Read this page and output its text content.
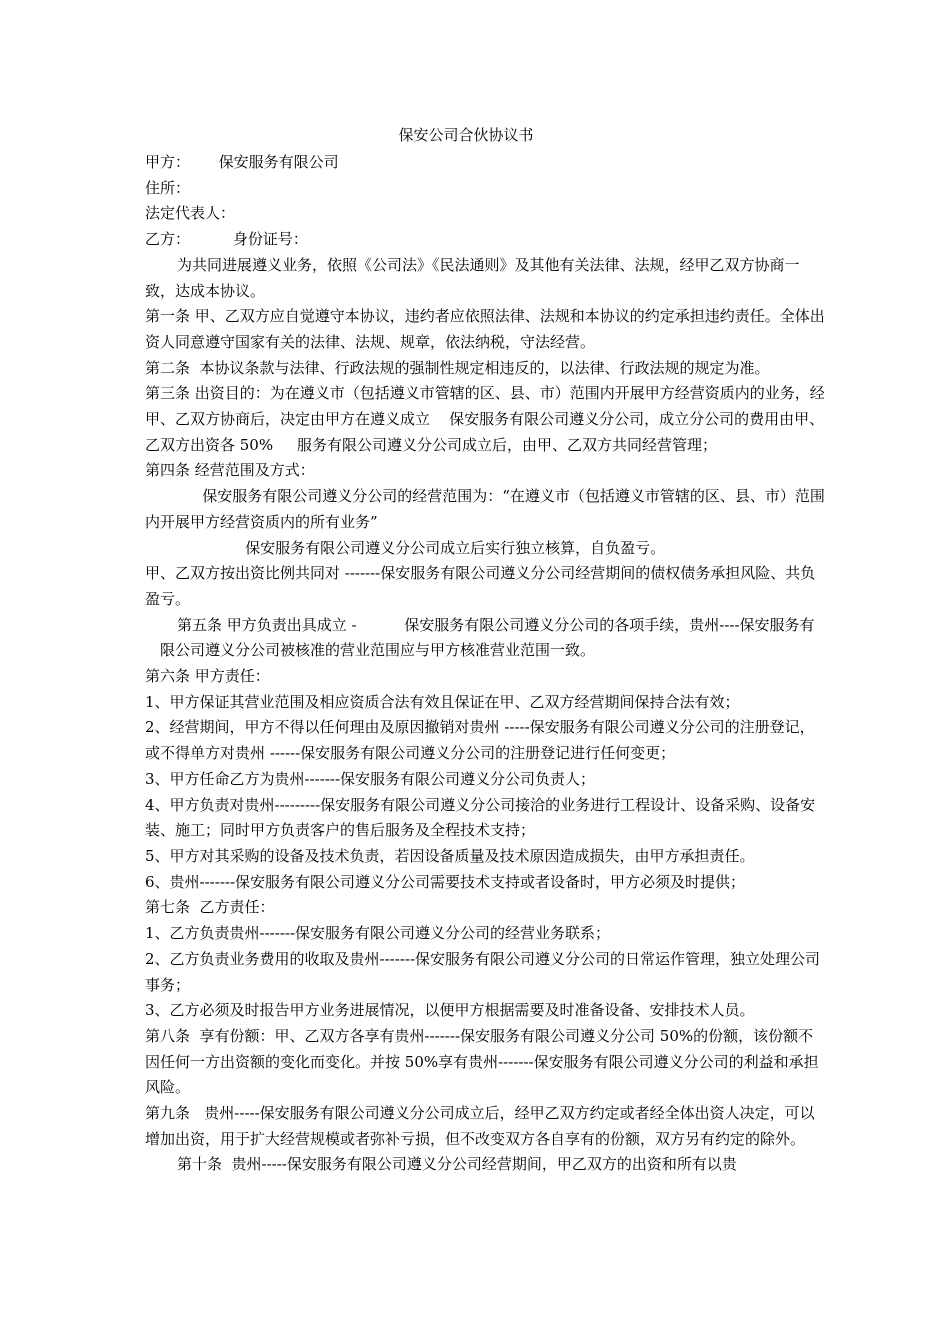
保安公司合伙协议书

甲方：      保安服务有限公司

住所：

法定代表人：

乙方：         身份证号：

为共同进展遵义业务，依照《公司法》《民法通则》及其他有关法律、法规，经甲乙双方协商一致，达成本协议。

第一条 甲、乙双方应自觉遵守本协议，违约者应依照法律、法规和本协议的约定承担违约责任。全体出资人同意遵守国家有关的法律、法规、规章，依法纳税，守法经营。

第二条  本协议条款与法律、行政法规的强制性规定相违反的，以法律、行政法规的规定为准。

第三条 出资目的：为在遵义市（包括遵义市管辖的区、县、市）范围内开展甲方经营资质内的业务，经甲、乙双方协商后，决定由甲方在遵义成立    保安服务有限公司遵义分公司，成立分公司的费用由甲、乙双方出资各 50%     服务有限公司遵义分公司成立后，由甲、乙双方共同经营管理；

第四条 经营范围及方式：

保安服务有限公司遵义分公司的经营范围为：“在遵义市（包括遵义市管辖的区、县、市）范围内开展甲方经营资质内的所有业务”

保安服务有限公司遵义分公司成立后实行独立核算，自负盈亏。

甲、乙双方按出资比例共同对 -------保安服务有限公司遵义分公司经营期间的债权债务承担风险、共负盈亏。

第五条 甲方负责出具成立 -          保安服务有限公司遵义分公司的各项手续，贵州----保安服务有限公司遵义分公司被核准的营业范围应与甲方核准营业范围一致。

第六条 甲方责任：

1、甲方保证其营业范围及相应资质合法有效且保证在甲、乙双方经营期间保持合法有效；

2、经营期间，甲方不得以任何理由及原因撤销对贵州 -----保安服务有限公司遵义分公司的注册登记，或不得单方对贵州 ------保安服务有限公司遵义分公司的注册登记进行任何变更；

3、甲方任命乙方为贵州-------保安服务有限公司遵义分公司负责人；

4、甲方负责对贵州---------保安服务有限公司遵义分公司接洽的业务进行工程设计、设备采购、设备安装、施工；同时甲方负责客户的售后服务及全程技术支持；

5、甲方对其采购的设备及技术负责，若因设备质量及技术原因造成损失，由甲方承担责任。

6、贵州-------保安服务有限公司遵义分公司需要技术支持或者设备时，甲方必须及时提供；

第七条  乙方责任：

1、乙方负责贵州-------保安服务有限公司遵义分公司的经营业务联系；

2、乙方负责业务费用的收取及贵州-------保安服务有限公司遵义分公司的日常运作管理，独立处理公司事务；

3、乙方必须及时报告甲方业务进展情况，以便甲方根据需要及时准备设备、安排技术人员。

第八条  享有份额：甲、乙双方各享有贵州-------保安服务有限公司遵义分公司 50%的份额，该份额不因任何一方出资额的变化而变化。并按 50%享有贵州-------保安服务有限公司遵义分公司的利益和承担风险。

第九条   贵州-----保安服务有限公司遵义分公司成立后，经甲乙双方约定或者经全体出资人决定，可以增加出资，用于扩大经营规模或者弥补亏损，但不改变双方各自享有的份额，双方另有约定的除外。

第十条  贵州-----保安服务有限公司遵义分公司经营期间，甲乙双方的出资和所有以贵
